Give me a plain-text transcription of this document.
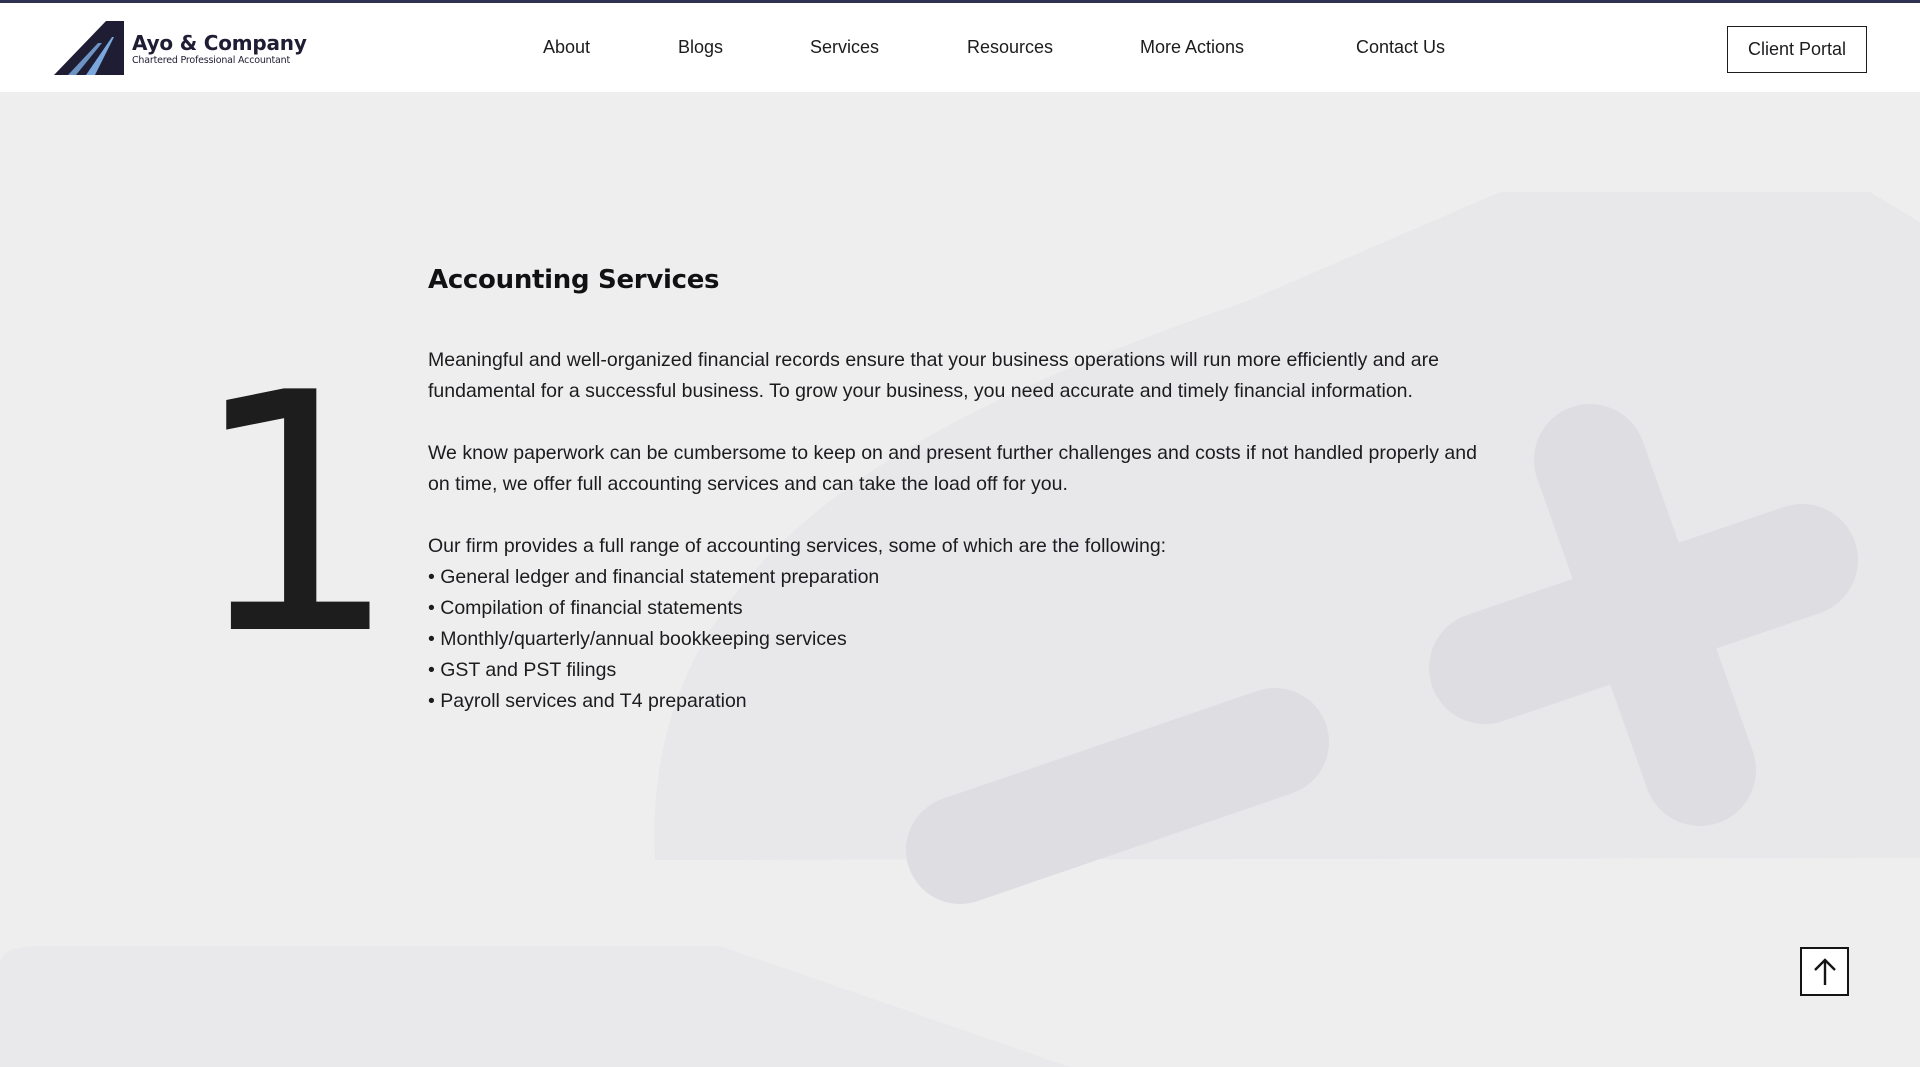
Ayo & Company
Chartered Professional Accountant
About	Blogs	Services	Resources	More Actions	Contact Us	Client Portal
1
Accounting Services

Meaningful and well-organized financial records ensure that your business operations will run more efficiently and are fundamental for a successful business. To grow your business, you need accurate and timely financial information.

We know paperwork can be cumbersome to keep on and present further challenges and costs if not handled properly and on time, we offer full accounting services and can take the load off for you.

Our firm provides a full range of accounting services, some of which are the following:
• General ledger and financial statement preparation
• Compilation of financial statements
• Monthly/quarterly/annual bookkeeping services
• GST and PST filings
• Payroll services and T4 preparation
